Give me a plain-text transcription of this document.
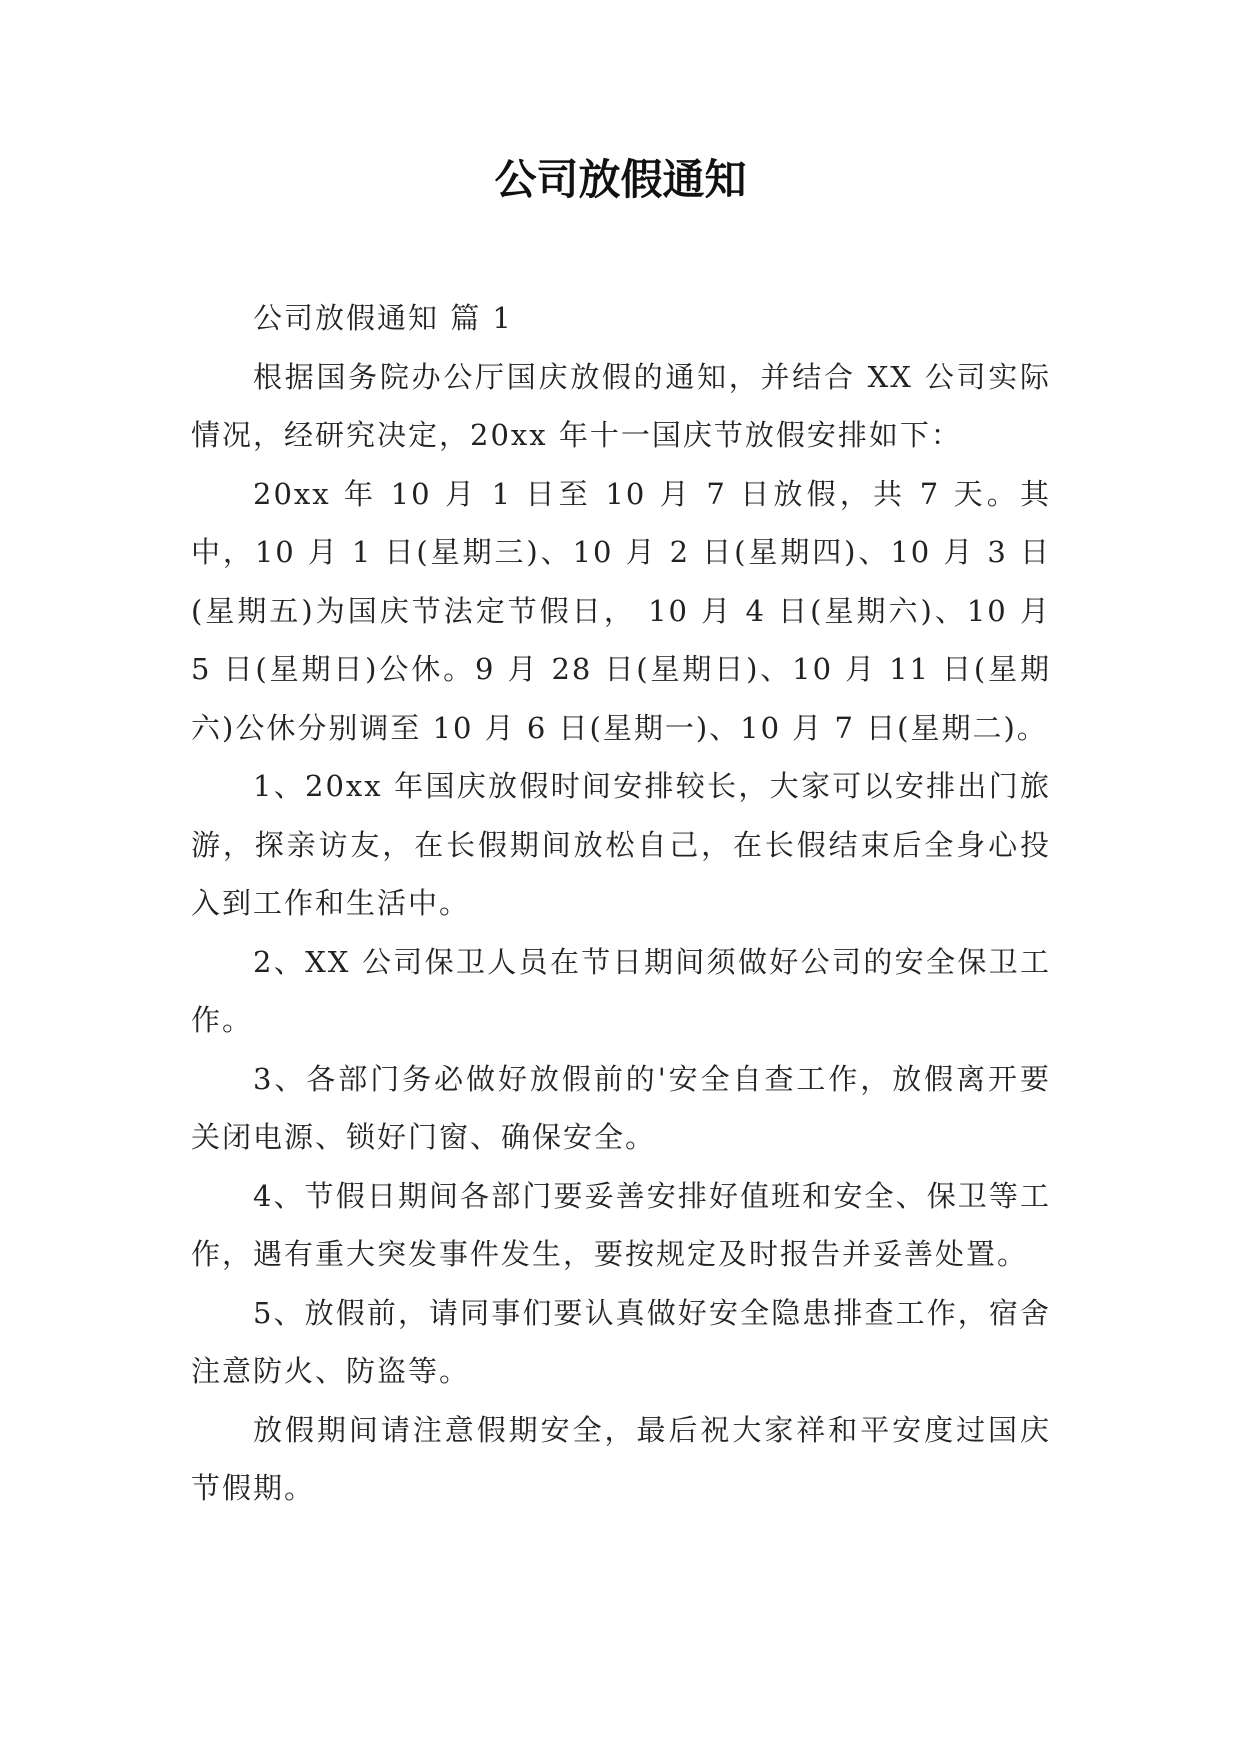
公司放假通知

公司放假通知 篇 1

根据国务院办公厅国庆放假的通知，并结合 XX 公司实际情况，经研究决定，20xx 年十一国庆节放假安排如下：

20xx 年 10 月 1 日至 10 月 7 日放假，共 7 天。其中，10 月 1 日(星期三)、10 月 2 日(星期四)、10 月 3 日(星期五)为国庆节法定节假日， 10 月 4 日(星期六)、10 月 5 日(星期日)公休。9 月 28 日(星期日)、10 月 11 日(星期六)公休分别调至 10 月 6 日(星期一)、10 月 7 日(星期二)。

1、20xx 年国庆放假时间安排较长，大家可以安排出门旅游，探亲访友，在长假期间放松自己，在长假结束后全身心投入到工作和生活中。

2、XX 公司保卫人员在节日期间须做好公司的安全保卫工作。

3、各部门务必做好放假前的'安全自查工作，放假离开要关闭电源、锁好门窗、确保安全。

4、节假日期间各部门要妥善安排好值班和安全、保卫等工作，遇有重大突发事件发生，要按规定及时报告并妥善处置。

5、放假前，请同事们要认真做好安全隐患排查工作，宿舍注意防火、防盗等。

放假期间请注意假期安全，最后祝大家祥和平安度过国庆节假期。
